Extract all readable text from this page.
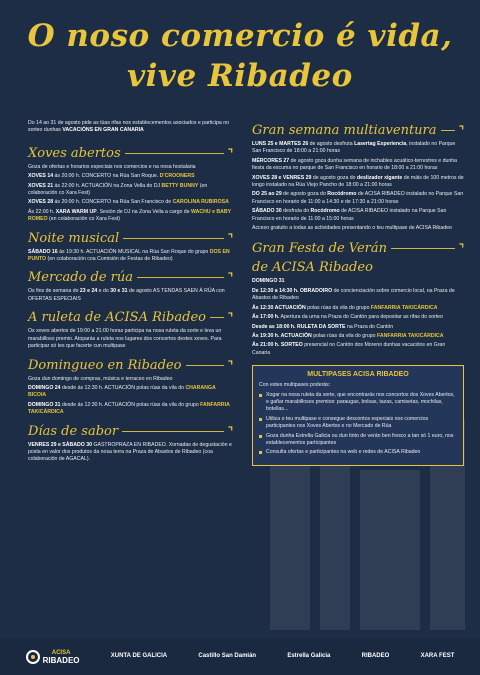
O noso comercio é vida,
vive Ribadeo
Do 14 ao 31 de agosto pide as túas rifas nos establecementos asociados e participa no sorteo dunhas VACACIÓNS EN GRAN CANARIA
Xoves abertos	⌝
Goza de ofertas e horarios especiais nos comercios e na nosa hostalaria
XOVES 14 ás 20:00 h. CONCERTO na Rúa San Roque. D'CROONERS
XOVES 21 ás 22:00 h. ACTUACIÓN na Zona Vella do DJ BETTY BUNNY (en colaboración co Xara Fest)
XOVES 28 ás 20:00 h. CONCERTO na Rúa San Francisco de CAROLINA RUBIROSA
Ás 22:00 h. XARA WARM UP. Sesión de DJ na Zona Vella a cargo de WACHU e BABY ROMEO (en colaboración co Xara Fest)
Noite musical	⌝
SÁBADO 16 ás 19:30 h. ACTUACIÓN MUSICAL na Rúa San Roque do grupo DOS EN PUNTO (en colaboración coa Comisión de Festas de Ribadeo)
Mercado de rúa	⌝
Os fins de semana do 23 e 24 e do 30 e 31 de agosto AS TENDAS SAEN Á RÚA con OFERTAS ESPECIAIS
A ruleta de ACISA Ribadeo ⌝
Os xoves abertos de 19:00 a 21:00 horas participa na nosa ruleta da sorte e leva un marabilloso premio. Atoparás a ruleta nos lugares dos concertos destes xoves. Para participar só tes que facerte cun multipase
Domingueo en Ribadeo	⌝
Goza dun domingo de compras, música e terraceo en Ribadeo
DOMINGO 24 desde ás 12:30 h. ACTUACIÓN polas rúas da vila do CHARANGA BICOIA
DOMINGO 31 desde ás 12:30 h. ACTUACIÓN polas rúas da vila do grupo FANFARRIA TAKICÁRDICA
Días de sabor	⌝
VENRES 29 e SÁBADO 30 GASTROPRAZA EN RIBADEO. Xornadas de degustación e posta en valor dos produtos da nosa terra na Praza de Abastos de Ribadeo (coa colaboración de AGACAL).
Gran semana multiaventura ⌝
LUNS 25 e MARTES 26 de agosto desfruta Lasertag Experiencia, instalado no Parque San Francisco de 18:00 a 21:00 horas
MÉRCORES 27 de agosto goza dunha semana de inchables acuático-terrestres e dunha fiesta da escuma no parque de San Francisco en horario de 18:00 a 21:00 horas
XOVES 28 e VENRES 29 de agosto goza do deslizador xigante de máis de 100 metros de longo instalado na Rúa Viejo Pancho de 18:00 a 21:00 horas
DO 25 ao 29 de agosto goza do Rocódromo de ACISA RIBADEO instalado no Parque San Francisco en horario de 11:00 a 14:30 e de 17:30 a 21:00 horas
SÁBADO 30 desfruta do Rocódromo de ACISA RIBADEO instalado na Parque San Francisco en horario de 11:00 a 15:00 horas
Acceso gratuito a todas as actividades presentando o teu multipase de ACISA Ribadeo
Gran Festa de Verán	⌝
de ACISA Ribadeo
DOMINGO 31
De 12:30 a 14:30 h. OBRADOIRO de concienciación sobre comercio local, na Praza de Abastos de Ribadeo
Ás 12:30 ACTUACIÓN polas rúas da vila do grupo FANFARRIA TAKICÁRDICA
Ás 17:00 h. Apertura da urna na Praza do Cantón para depositar as rifas do sorteo
Desde as 18:00 h. RULETA DA SORTE na Praza do Cantón
Ás 19:30 h. ACTUACIÓN polas rúas da vila do grupo FANFARRIA TAKICÁRDICA
Ás 21:00 h. SORTEO presencial no Cantón dos Moreno dunhas vacacións en Gran Canaria
MULTIPASES ACISA RIBADEO
Con estes multipases poderás:
Xogar na nosa ruleta da sorte, que encontrarás nos concertos dos Xoves Abertos, e gañar marabillosos premios: paraugas, bolsas, tazas, camisetas, mochilas, botellas...
Utiliza o teu multipase e consegue descontos especiais nos comercios participantes nos Xoves Abertos e no Mercado de Rúa
Goza dunha Estrella Galicia ou dun tinto de verán ben fresco a tan só 1 euro, nos establecementos participantes
Consulta ofertas e participantes na web e redes de ACISA Ribadeo
ACISA
RIBADEO	XUNTA DE GALICIA	Castillo San Damián	Estrella Galicia	RIBADEO	XARA FEST
